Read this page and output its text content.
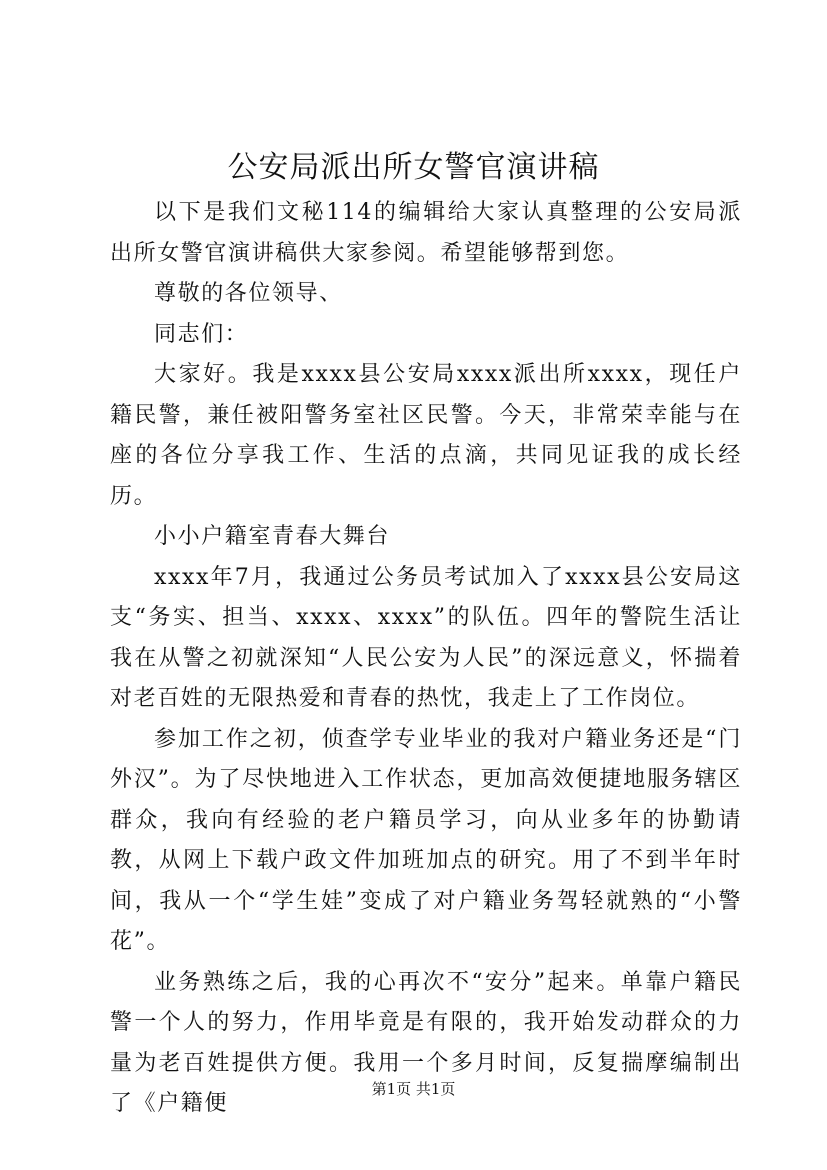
公安局派出所女警官演讲稿

以下是我们文秘114的编辑给大家认真整理的公安局派出所女警官演讲稿供大家参阅。希望能够帮到您。

尊敬的各位领导、

同志们：

大家好。我是xxxx县公安局xxxx派出所xxxx，现任户籍民警，兼任被阳警务室社区民警。今天，非常荣幸能与在座的各位分享我工作、生活的点滴，共同见证我的成长经历。

小小户籍室青春大舞台

xxxx年7月，我通过公务员考试加入了xxxx县公安局这支“务实、担当、xxxx、xxxx”的队伍。四年的警院生活让我在从警之初就深知“人民公安为人民”的深远意义，怀揣着对老百姓的无限热爱和青春的热忱，我走上了工作岗位。

参加工作之初，侦查学专业毕业的我对户籍业务还是“门外汉”。为了尽快地进入工作状态，更加高效便捷地服务辖区群众，我向有经验的老户籍员学习，向从业多年的协勤请教，从网上下载户政文件加班加点的研究。用了不到半年时间，我从一个“学生娃”变成了对户籍业务驾轻就熟的“小警花”。

业务熟练之后，我的心再次不“安分”起来。单靠户籍民警一个人的努力，作用毕竟是有限的，我开始发动群众的力量为老百姓提供方便。我用一个多月时间，反复揣摩编制出了《户籍便

第1页 共1页
